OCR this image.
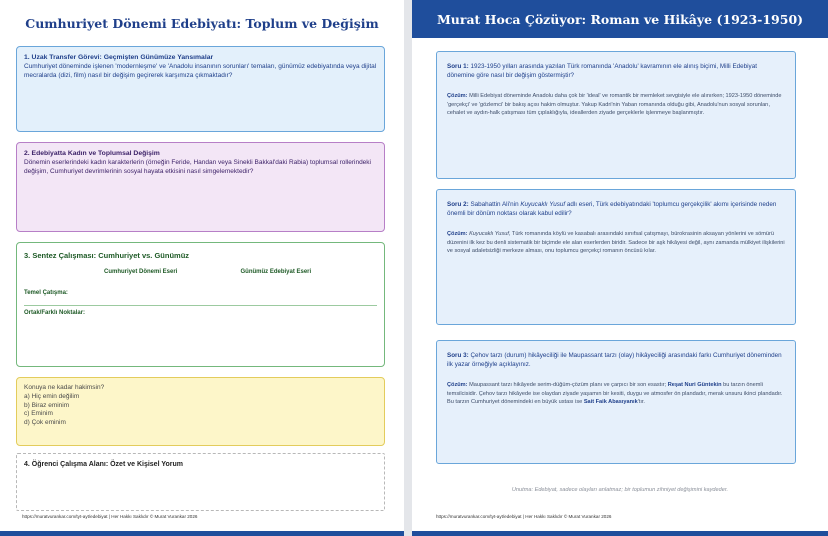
Cumhuriyet Dönemi Edebiyatı: Toplum ve Değişim
1. Uzak Transfer Görevi: Geçmişten Günümüze Yansımalar

Cumhuriyet döneminde işlenen 'modernleşme' ve 'Anadolu insanının sorunları' temaları, günümüz edebiyatında veya dijital mecralarda (dizi, film) nasıl bir değişim geçirerek karşımıza çıkmaktadır?

2. Edebiyatta Kadın ve Toplumsal Değişim

Dönemin eserlerindeki kadın karakterlerin (örneğin Feride, Handan veya Sinekli Bakkal'daki Rabia) toplumsal rollerindeki değişim, Cumhuriyet devrimlerinin sosyal hayata etkisini nasıl simgelemektedir?

3. Sentez Çalışması: Cumhuriyet vs. Günümüz
Cumhuriyet Dönemi Eseri	Günümüz Edebiyat Eseri
Temel Çatışma:
Ortak/Farklı Noktalar:

Konuya ne kadar hakimsin?

a) Hiç emin değilim

b) Biraz eminim

c) Eminim

d) Çok eminim

4. Öğrenci Çalışma Alanı: Özet ve Kişisel Yorum
https://muratvurankar.com/tyt-ayt/edebiyat | Her Hakkı Saklıdır © Murat Vurankar 2026
Murat Hoca Çözüyor: Roman ve Hikâye (1923-1950)

Soru 1: 1923-1950 yılları arasında yazılan Türk romanında 'Anadolu' kavramının ele alınış biçimi, Milli Edebiyat dönemine göre nasıl bir değişim göstermiştir?

Çözüm: Milli Edebiyat döneminde Anadolu daha çok bir 'ideal' ve romantik bir memleket sevgisiyle ele alınırken; 1923-1950 döneminde 'gerçekçi' ve 'gözlemci' bir bakış açısı hakim olmuştur. Yakup Kadri'nin Yaban romanında olduğu gibi, Anadolu'nun sosyal sorunları, cehalet ve aydın-halk çatışması tüm çıplaklığıyla, ideallerden ziyade gerçeklerle işlenmeye başlanmıştır.

Soru 2: Sabahattin Ali'nin Kuyucaklı Yusuf adlı eseri, Türk edebiyatındaki 'toplumcu gerçekçilik' akımı içerisinde neden önemli bir dönüm noktası olarak kabul edilir?

Çözüm: Kuyucaklı Yusuf, Türk romanında köylü ve kasabalı arasındaki sınıfsal çatışmayı, bürokrasinin aksayan yönlerini ve sömürü düzenini ilk kez bu denli sistematik bir biçimde ele alan eserlerden biridir. Sadece bir aşk hikâyesi değil, aynı zamanda mülkiyet ilişkilerini ve sosyal adaletsizliği merkeze alması, onu toplumcu gerçekçi romanın öncüsü kılar.

Soru 3: Çehov tarzı (durum) hikâyeciliği ile Maupassant tarzı (olay) hikâyeciliği arasındaki farkı Cumhuriyet döneminden ilk yazar örneğiyle açıklayınız.

Çözüm: Maupassant tarzı hikâyede serim-düğüm-çözüm planı ve çarpıcı bir son esastır; Reşat Nuri Güntekin bu tarzın önemli temsilcisidir. Çehov tarzı hikâyede ise olaydan ziyade yaşamın bir kesiti, duygu ve atmosfer ön plandadır, merak unsuru ikinci plandadır. Bu tarzın Cumhuriyet dönemindeki en büyük ustası ise Sait Faik Abasıyanık'tır.

Unutma: Edebiyat, sadece olayları anlatmaz; bir toplumun zihniyet değişimini kaydeder.
https://muratvurankar.com/tyt-ayt/edebiyat | Her Hakkı Saklıdır © Murat Vurankar 2026
